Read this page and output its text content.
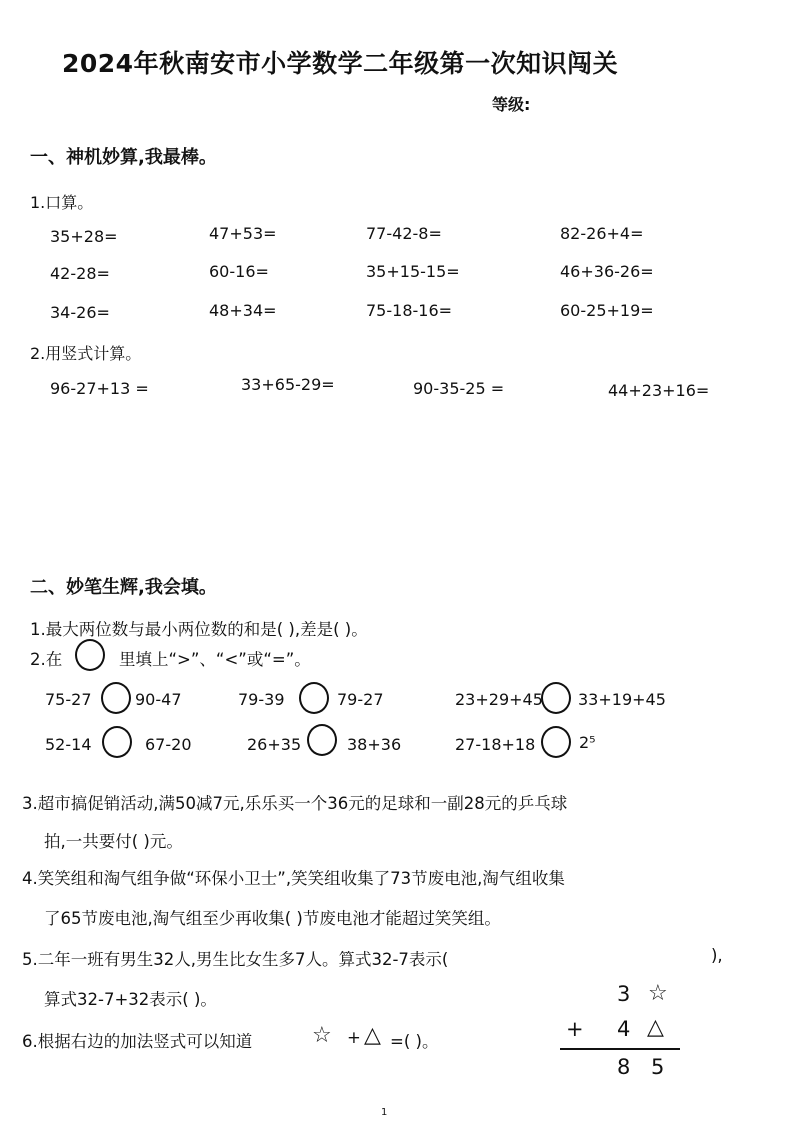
2024年秋南安市小学数学二年级第一次知识闯关
等级:
一、神机妙算,我最棒。
1.口算。
35+28=	47+53=	77-42-8=	82-26+4=
42-28=	60-16=	35+15-15=	46+36-26=
34-26=	48+34=	75-18-16=	60-25+19=
2.用竖式计算。
96-27+13 =	33+65-29=	90-35-25 =	44+23+16=
二、妙笔生辉,我会填。
1.最大两位数与最小两位数的和是( ),差是( )。
2.在	里填上“>”、“<”或“=”。
75-27	90-47	79-39	79-27	23+29+45 33+19+45
52-14	67-20	26+35	38+36	27-18+18	2⁵
3.超市搞促销活动,满50减7元,乐乐买一个36元的足球和一副28元的乒乓球
拍,一共要付( )元。
4.笑笑组和淘气组争做“环保小卫士”,笑笑组收集了73节废电池,淘气组收集
了65节废电池,淘气组至少再收集( )节废电池才能超过笑笑组。
5.二年一班有男生32人,男生比女生多7人。算式32-7表示(	),
算式32-7+32表示( )。
6.根据右边的加法竖式可以知道	☆ + △ =( )。
3 ☆
+ 4 △
8 5
1
